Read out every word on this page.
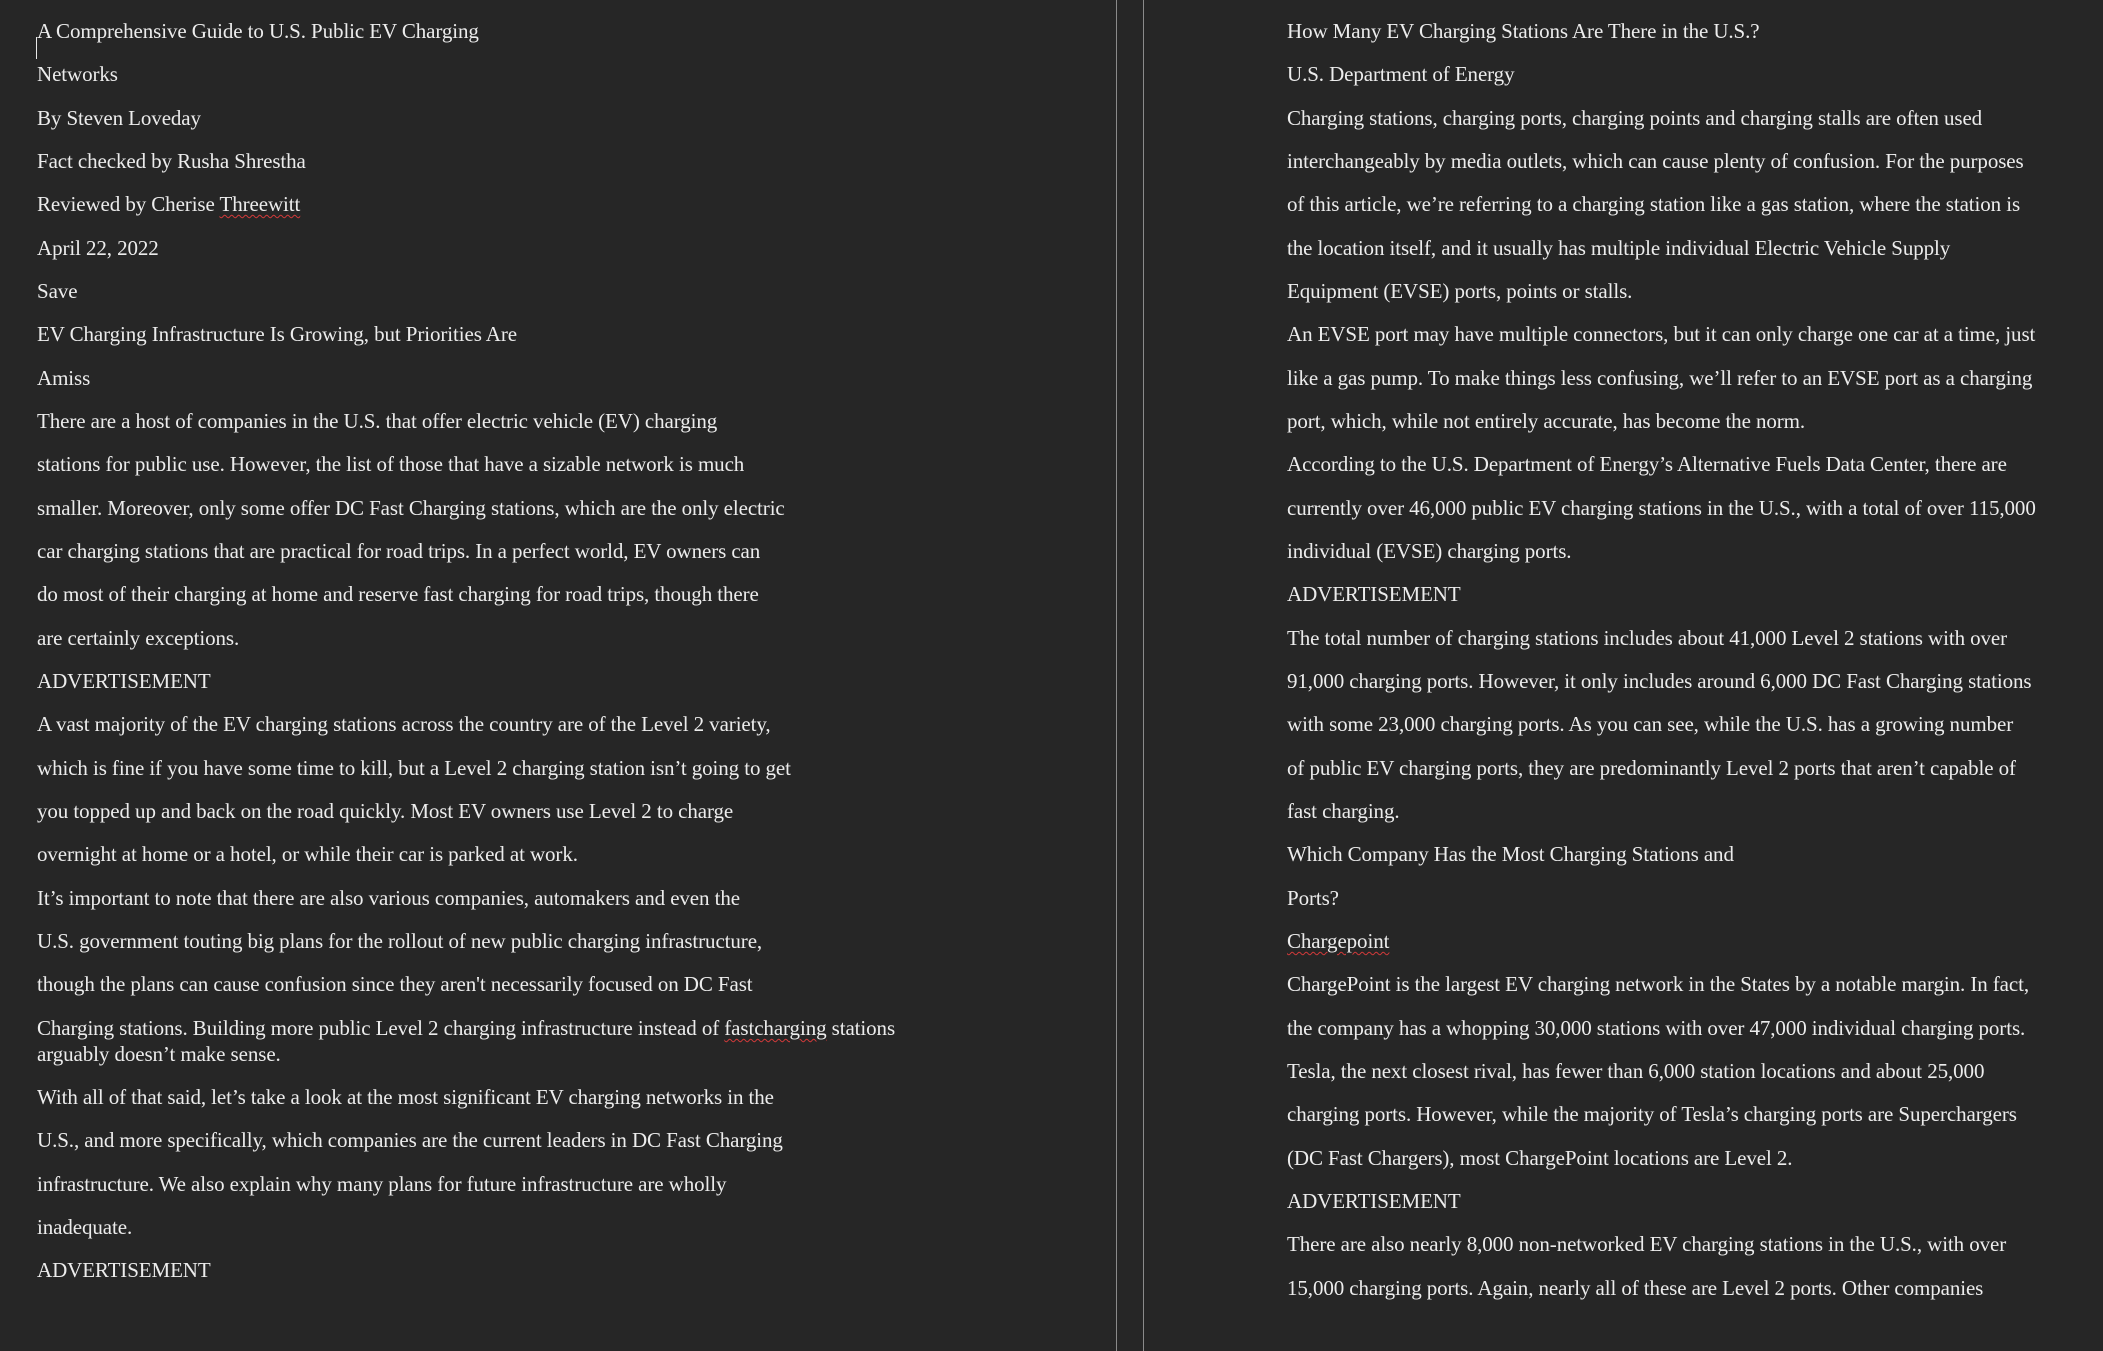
A Comprehensive Guide to U.S. Public EV Charging
Networks
By Steven Loveday
Fact checked by Rusha Shrestha
Reviewed by Cherise Threewitt
April 22, 2022
Save
EV Charging Infrastructure Is Growing, but Priorities Are
Amiss
There are a host of companies in the U.S. that offer electric vehicle (EV) charging
stations for public use. However, the list of those that have a sizable network is much
smaller. Moreover, only some offer DC Fast Charging stations, which are the only electric
car charging stations that are practical for road trips. In a perfect world, EV owners can
do most of their charging at home and reserve fast charging for road trips, though there
are certainly exceptions.
ADVERTISEMENT
A vast majority of the EV charging stations across the country are of the Level 2 variety,
which is fine if you have some time to kill, but a Level 2 charging station isn’t going to get
you topped up and back on the road quickly. Most EV owners use Level 2 to charge
overnight at home or a hotel, or while their car is parked at work.
It’s important to note that there are also various companies, automakers and even the
U.S. government touting big plans for the rollout of new public charging infrastructure,
though the plans can cause confusion since they aren't necessarily focused on DC Fast
Charging stations. Building more public Level 2 charging infrastructure instead of fastcharging stations
arguably doesn’t make sense.
With all of that said, let’s take a look at the most significant EV charging networks in the
U.S., and more specifically, which companies are the current leaders in DC Fast Charging
infrastructure. We also explain why many plans for future infrastructure are wholly
inadequate.
ADVERTISEMENT
How Many EV Charging Stations Are There in the U.S.?
U.S. Department of Energy
Charging stations, charging ports, charging points and charging stalls are often used
interchangeably by media outlets, which can cause plenty of confusion. For the purposes
of this article, we’re referring to a charging station like a gas station, where the station is
the location itself, and it usually has multiple individual Electric Vehicle Supply
Equipment (EVSE) ports, points or stalls.
An EVSE port may have multiple connectors, but it can only charge one car at a time, just
like a gas pump. To make things less confusing, we’ll refer to an EVSE port as a charging
port, which, while not entirely accurate, has become the norm.
According to the U.S. Department of Energy’s Alternative Fuels Data Center, there are
currently over 46,000 public EV charging stations in the U.S., with a total of over 115,000
individual (EVSE) charging ports.
ADVERTISEMENT
The total number of charging stations includes about 41,000 Level 2 stations with over
91,000 charging ports. However, it only includes around 6,000 DC Fast Charging stations
with some 23,000 charging ports. As you can see, while the U.S. has a growing number
of public EV charging ports, they are predominantly Level 2 ports that aren’t capable of
fast charging.
Which Company Has the Most Charging Stations and
Ports?
Chargepoint
ChargePoint is the largest EV charging network in the States by a notable margin. In fact,
the company has a whopping 30,000 stations with over 47,000 individual charging ports.
Tesla, the next closest rival, has fewer than 6,000 station locations and about 25,000
charging ports. However, while the majority of Tesla’s charging ports are Superchargers
(DC Fast Chargers), most ChargePoint locations are Level 2.
ADVERTISEMENT
There are also nearly 8,000 non-networked EV charging stations in the U.S., with over
15,000 charging ports. Again, nearly all of these are Level 2 ports. Other companies
